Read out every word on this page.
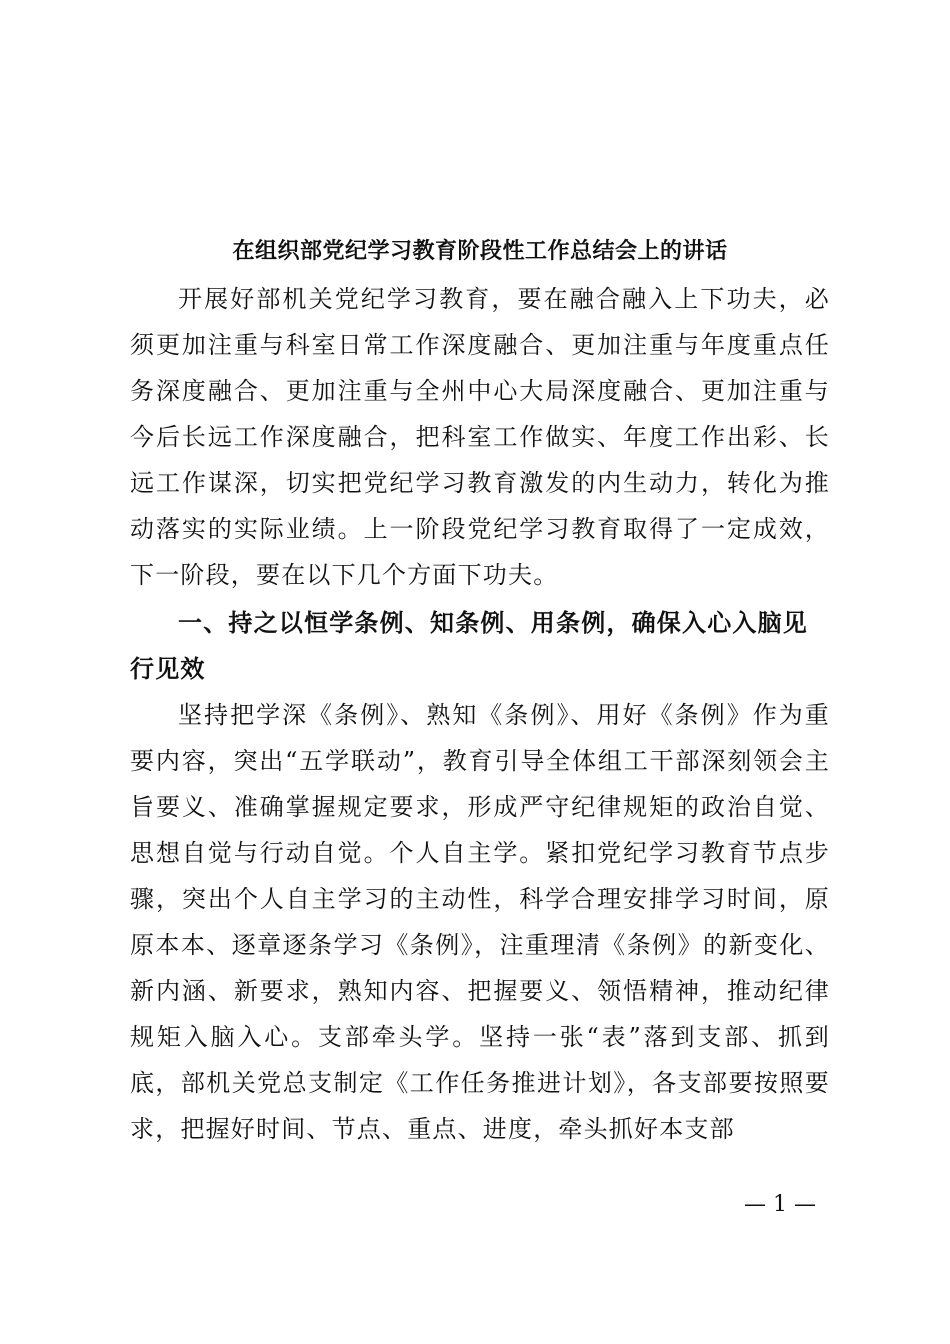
在组织部党纪学习教育阶段性工作总结会上的讲话
开展好部机关党纪学习教育，要在融合融入上下功夫，必须更加注重与科室日常工作深度融合、更加注重与年度重点任务深度融合、更加注重与全州中心大局深度融合、更加注重与今后长远工作深度融合，把科室工作做实、年度工作出彩、长远工作谋深，切实把党纪学习教育激发的内生动力，转化为推动落实的实际业绩。上一阶段党纪学习教育取得了一定成效，下一阶段，要在以下几个方面下功夫。
一、持之以恒学条例、知条例、用条例，确保入心入脑见行见效
坚持把学深《条例》、熟知《条例》、用好《条例》作为重要内容，突出“五学联动”，教育引导全体组工干部深刻领会主旨要义、准确掌握规定要求，形成严守纪律规矩的政治自觉、思想自觉与行动自觉。个人自主学。紧扣党纪学习教育节点步骤，突出个人自主学习的主动性，科学合理安排学习时间，原原本本、逐章逐条学习《条例》，注重理清《条例》的新变化、新内涵、新要求，熟知内容、把握要义、领悟精神，推动纪律规矩入脑入心。支部牵头学。坚持一张“表”落到支部、抓到底，部机关党总支制定《工作任务推进计划》，各支部要按照要求，把握好时间、节点、重点、进度，牵头抓好本支部
— 1 —
